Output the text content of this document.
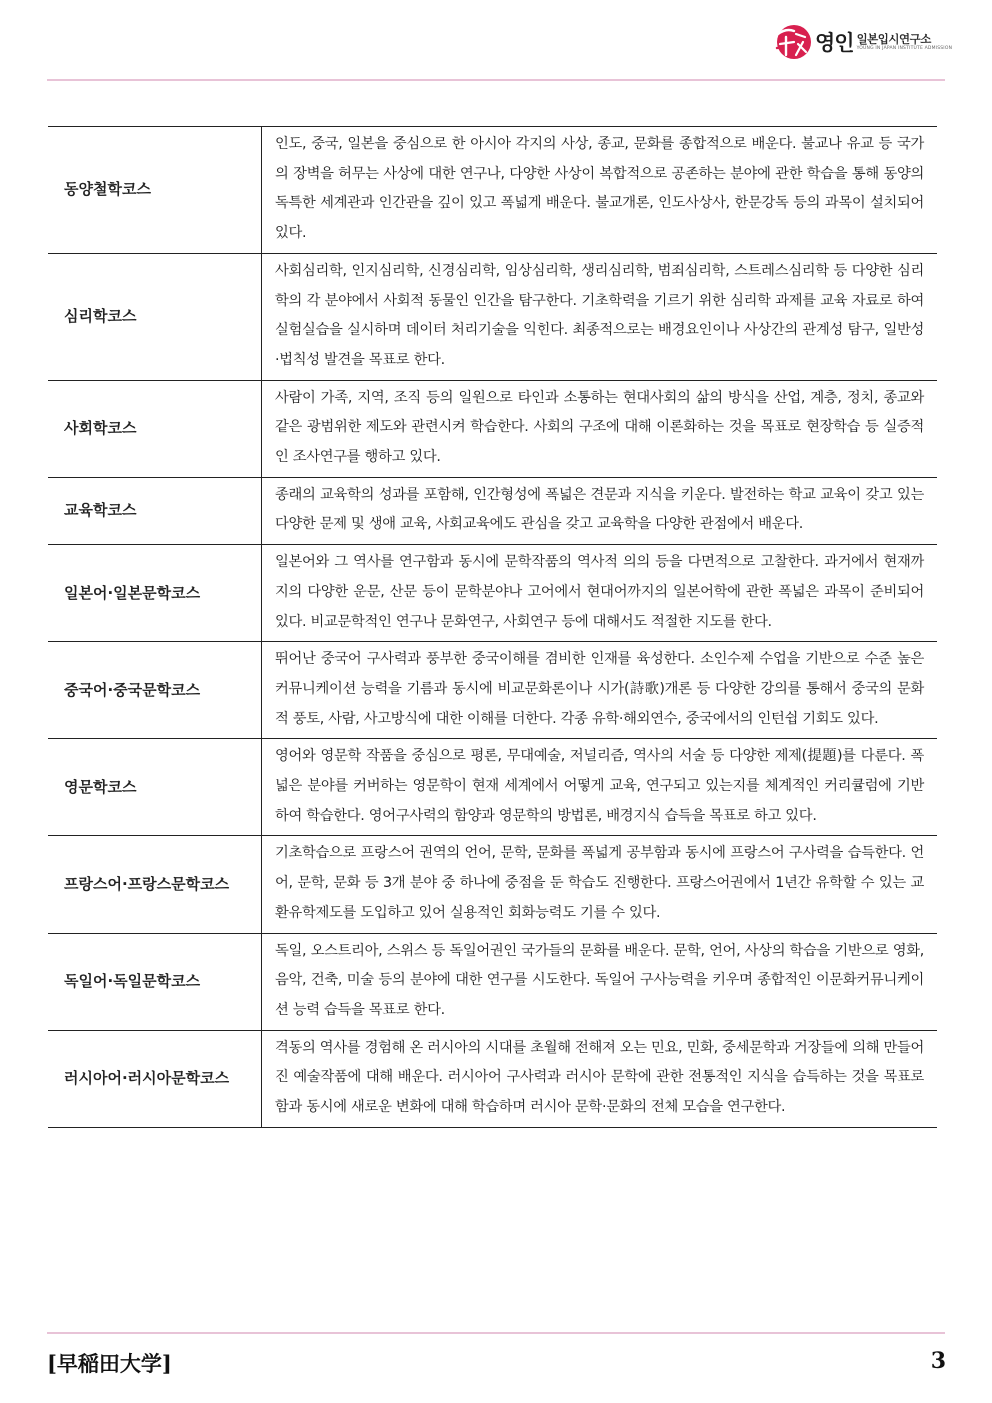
영인 일본입시연구소
YOUNG IN JAPAN INSTITUTE ADMISSION
동양철학코스	인도, 중국, 일본을 중심으로 한 아시아 각지의 사상, 종교, 문화를 종합적으로 배운다. 불교나 유교 등 국가의 장벽을 허무는 사상에 대한 연구나, 다양한 사상이 복합적으로 공존하는 분야에 관한 학습을 통해 동양의 독특한 세계관과 인간관을 깊이 있고 폭넓게 배운다. 불교개론, 인도사상사, 한문강독 등의 과목이 설치되어 있다.
심리학코스	사회심리학, 인지심리학, 신경심리학, 임상심리학, 생리심리학, 범죄심리학, 스트레스심리학 등 다양한 심리학의 각 분야에서 사회적 동물인 인간을 탐구한다. 기초학력을 기르기 위한 심리학 과제를 교육 자료로 하여 실험실습을 실시하며 데이터 처리기술을 익힌다. 최종적으로는 배경요인이나 사상간의 관계성 탐구, 일반성·법칙성 발견을 목표로 한다.
사회학코스	사람이 가족, 지역, 조직 등의 일원으로 타인과 소통하는 현대사회의 삶의 방식을 산업, 계층, 정치, 종교와 같은 광범위한 제도와 관련시켜 학습한다. 사회의 구조에 대해 이론화하는 것을 목표로 현장학습 등 실증적인 조사연구를 행하고 있다.
교육학코스	종래의 교육학의 성과를 포함해, 인간형성에 폭넓은 견문과 지식을 키운다. 발전하는 학교 교육이 갖고 있는 다양한 문제 및 생애 교육, 사회교육에도 관심을 갖고 교육학을 다양한 관점에서 배운다.
일본어·일본문학코스	일본어와 그 역사를 연구함과 동시에 문학작품의 역사적 의의 등을 다면적으로 고찰한다. 과거에서 현재까지의 다양한 운문, 산문 등이 문학분야나 고어에서 현대어까지의 일본어학에 관한 폭넓은 과목이 준비되어 있다. 비교문학적인 연구나 문화연구, 사회연구 등에 대해서도 적절한 지도를 한다.
중국어·중국문학코스	뛰어난 중국어 구사력과 풍부한 중국이해를 겸비한 인재를 육성한다. 소인수제 수업을 기반으로 수준 높은 커뮤니케이션 능력을 기름과 동시에 비교문화론이나 시가(詩歌)개론 등 다양한 강의를 통해서 중국의 문화적 풍토, 사람, 사고방식에 대한 이해를 더한다. 각종 유학·해외연수, 중국에서의 인턴쉽 기회도 있다.
영문학코스	영어와 영문학 작품을 중심으로 평론, 무대예술, 저널리즘, 역사의 서술 등 다양한 제제(提題)를 다룬다. 폭넓은 분야를 커버하는 영문학이 현재 세계에서 어떻게 교육, 연구되고 있는지를 체계적인 커리큘럼에 기반하여 학습한다. 영어구사력의 함양과 영문학의 방법론, 배경지식 습득을 목표로 하고 있다.
프랑스어·프랑스문학코스	기초학습으로 프랑스어 권역의 언어, 문학, 문화를 폭넓게 공부함과 동시에 프랑스어 구사력을 습득한다. 언어, 문학, 문화 등 3개 분야 중 하나에 중점을 둔 학습도 진행한다. 프랑스어권에서 1년간 유학할 수 있는 교환유학제도를 도입하고 있어 실용적인 회화능력도 기를 수 있다.
독일어·독일문학코스	독일, 오스트리아, 스위스 등 독일어권인 국가들의 문화를 배운다. 문학, 언어, 사상의 학습을 기반으로 영화, 음악, 건축, 미술 등의 분야에 대한 연구를 시도한다. 독일어 구사능력을 키우며 종합적인 이문화커뮤니케이션 능력 습득을 목표로 한다.
러시아어·러시아문학코스	격동의 역사를 경험해 온 러시아의 시대를 초월해 전해져 오는 민요, 민화, 중세문학과 거장들에 의해 만들어진 예술작품에 대해 배운다. 러시아어 구사력과 러시아 문학에 관한 전통적인 지식을 습득하는 것을 목표로 함과 동시에 새로운 변화에 대해 학습하며 러시아 문학·문화의 전체 모습을 연구한다.
[早稲田大学]	3
